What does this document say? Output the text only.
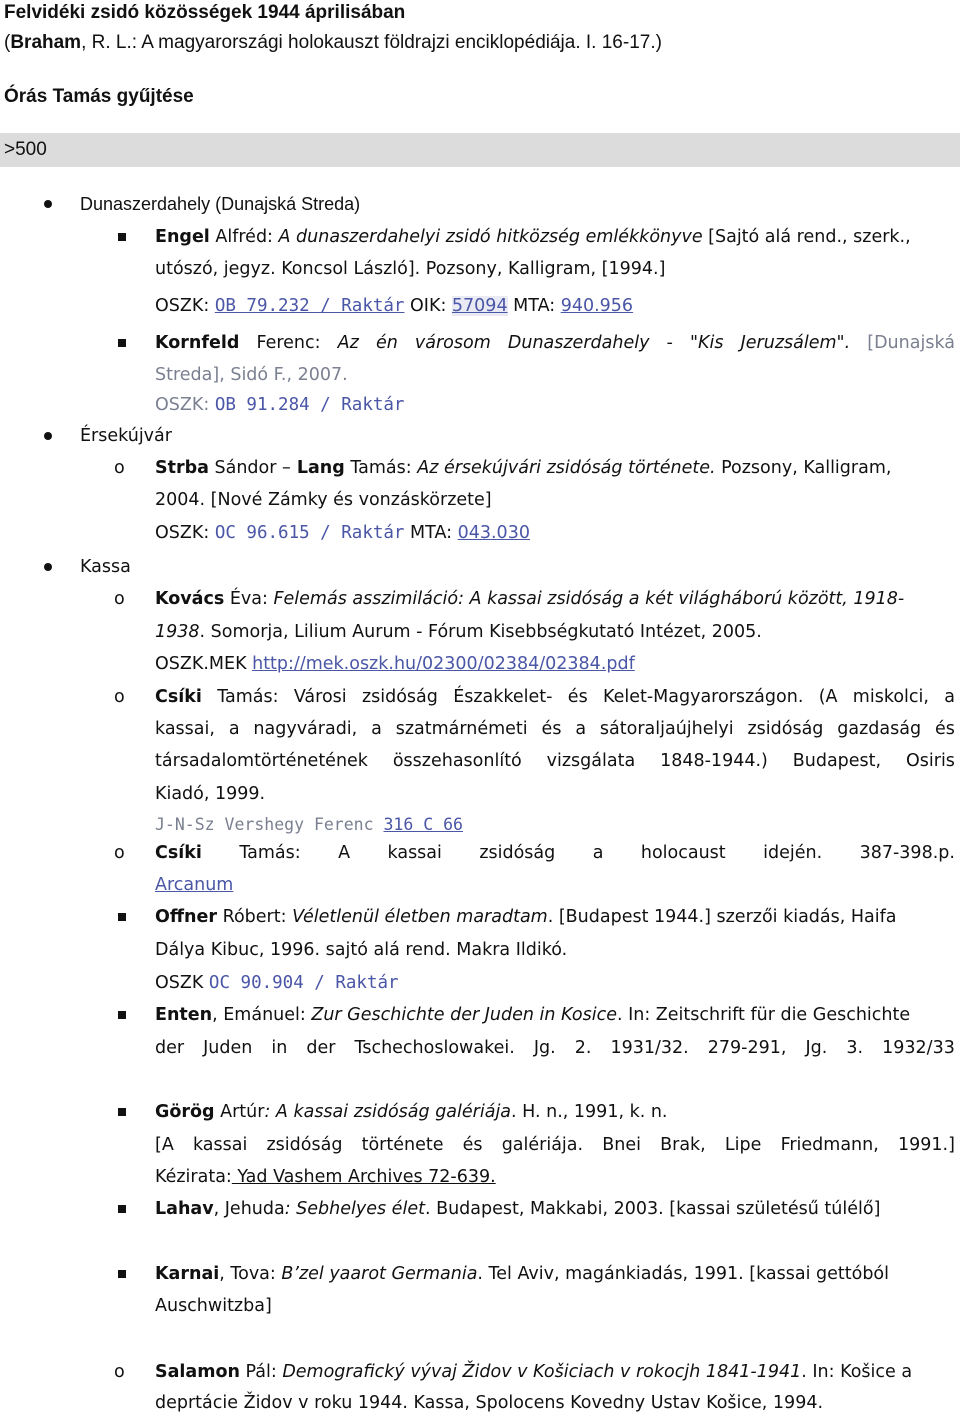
Felvidéki zsidó közösségek 1944 áprilisában
(Braham, R. L.: A magyarországi holokauszt földrajzi enciklopédiája. I. 16-17.)
Órás Tamás gyűjtése
>500
Dunaszerdahely (Dunajská Streda)
Engel Alfréd: A dunaszerdahelyi zsidó hitközség emlékkönyve [Sajtó alá rend., szerk.,
utószó, jegyz. Koncsol László]. Pozsony, Kalligram, [1994.]
OSZK: OB 79.232 / Raktár OIK: 57094 MTA: 940.956
Kornfeld Ferenc: Az én városom Dunaszerdahely - "Kis Jeruzsálem". [Dunajská
Streda], Sidó F., 2007.
OSZK: OB 91.284 / Raktár
Érsekújvár
o Strba Sándor – Lang Tamás: Az érsekújvári zsidóság története. Pozsony, Kalligram,
2004. [Nové Zámky és vonzáskörzete]
OSZK: OC 96.615 / Raktár MTA: 043.030
Kassa
o Kovács Éva: Felemás asszimiláció: A kassai zsidóság a két világháború között, 1918-
1938. Somorja, Lilium Aurum - Fórum Kisebbségkutató Intézet, 2005.
OSZK.MEK http://mek.oszk.hu/02300/02384/02384.pdf
o Csíki Tamás: Városi zsidóság Északkelet- és Kelet-Magyarországon. (A miskolci, a
kassai, a nagyváradi, a szatmárnémeti és a sátoraljaújhelyi zsidóság gazdaság és
társadalomtörténetének összehasonlító vizsgálata 1848-1944.) Budapest, Osiris
Kiadó, 1999.
J-N-Sz Vershegy Ferenc 316 C 66
o Csíki Tamás: A kassai zsidóság a holocaust idején. 387-398.p.
Arcanum
Offner Róbert: Véletlenül életben maradtam. [Budapest 1944.] szerzői kiadás, Haifa
Dálya Kibuc, 1996. sajtó alá rend. Makra Ildikó.
OSZK OC 90.904 / Raktár
Enten, Emánuel: Zur Geschichte der Juden in Kosice. In: Zeitschrift für die Geschichte
der Juden in der Tschechoslowakei. Jg. 2. 1931/32. 279-291, Jg. 3. 1932/33
Görög Artúr: A kassai zsidóság galériája. H. n., 1991, k. n.
[A kassai zsidóság története és galériája. Bnei Brak, Lipe Friedmann, 1991.]
Kézirata: Yad Vashem Archives 72-639.
Lahav, Jehuda: Sebhelyes élet. Budapest, Makkabi, 2003. [kassai születésű túlélő]
Karnai, Tova: B’zel yaarot Germania. Tel Aviv, magánkiadás, 1991. [kassai gettóból
Auschwitzba]
o Salamon Pál: Demografický vývaj Židov v Košiciach v rokocjh 1841-1941. In: Košice a
deprtácie Židov v roku 1944. Kassa, Spolocens Kovedny Ustav Košice, 1994.
